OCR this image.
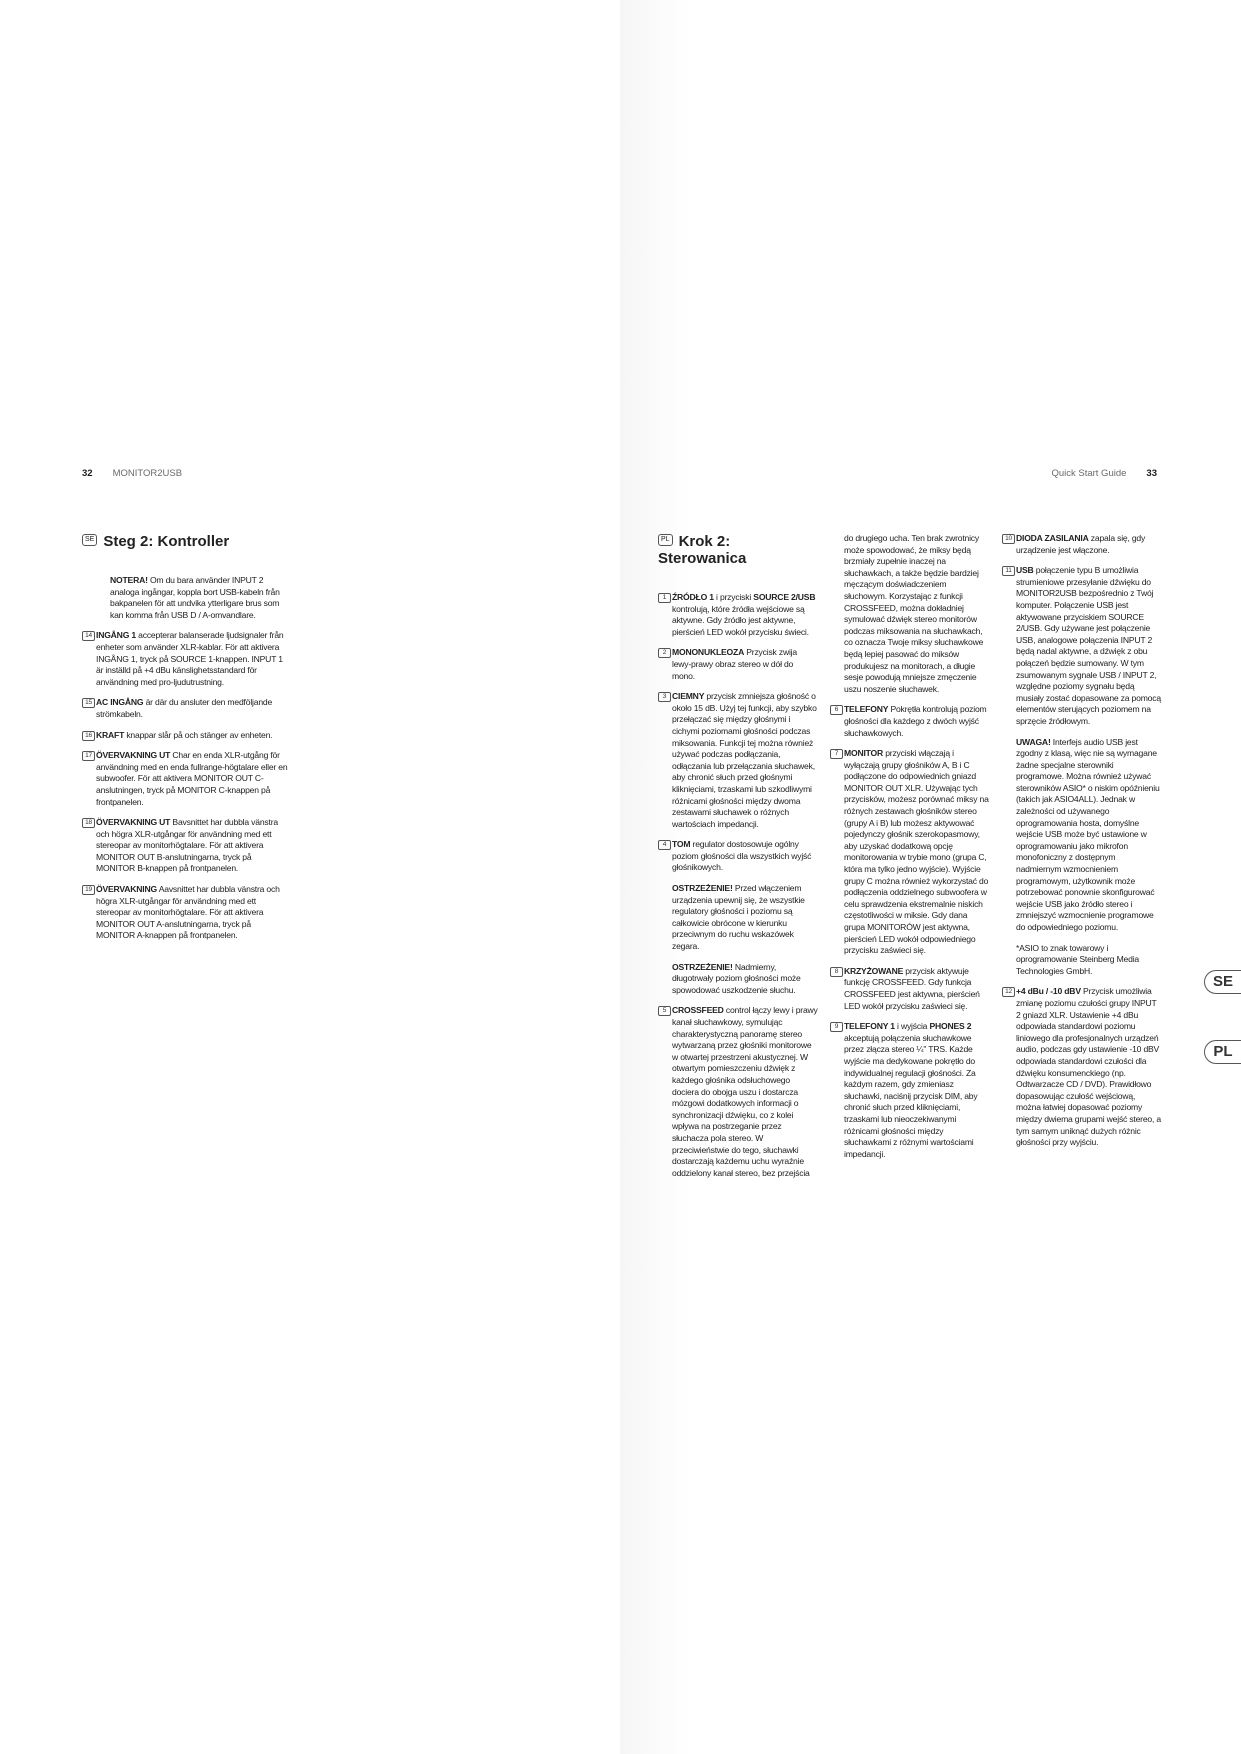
32 MONITOR2USB	Quick Start Guide 33
SE Steg 2: Kontroller
NOTERA! Om du bara använder INPUT 2 analoga ingångar, koppla bort USB-kabeln från bakpanelen för att undvika ytterligare brus som kan komma från USB D / A-omvandlare.
14 INGÅNG 1 accepterar balanserade ljudsignaler från enheter som använder XLR-kablar. För att aktivera INGÅNG 1, tryck på SOURCE 1-knappen. INPUT 1 är inställd på +4 dBu känslighetsstandard för användning med pro-ljudutrustning.
15 AC INGÅNG är där du ansluter den medföljande strömkabeln.
16 KRAFT knappar slår på och stänger av enheten.
17 ÖVERVAKNING UT Char en enda XLR-utgång för användning med en enda fullrange-högtalare eller en subwoofer. För att aktivera MONITOR OUT C-anslutningen, tryck på MONITOR C-knappen på frontpanelen.
18 ÖVERVAKNING UT Bavsnittet har dubbla vänstra och högra XLR-utgångar för användning med ett stereopar av monitorhögtalare. För att aktivera MONITOR OUT B-anslutningarna, tryck på MONITOR B-knappen på frontpanelen.
19 ÖVERVAKNING Aavsnittet har dubbla vänstra och högra XLR-utgångar för användning med ett stereopar av monitorhögtalare. För att aktivera MONITOR OUT A-anslutningarna, tryck på MONITOR A-knappen på frontpanelen.
PL Krok 2:
Sterowanica
1 ŹRÓDŁO 1 i przyciski SOURCE 2/USB kontrolują, które źródła wejściowe są aktywne. Gdy źródło jest aktywne, pierścień LED wokół przycisku świeci.
2 MONONUKLEOZA Przycisk zwija lewy-prawy obraz stereo w dół do mono.
3 CIEMNY przycisk zmniejsza głośność o około 15 dB. Użyj tej funkcji, aby szybko przełączać się między głośnymi i cichymi poziomami głośności podczas miksowania. Funkcji tej można również używać podczas podłączania, odłączania lub przełączania słuchawek, aby chronić słuch przed głośnymi kliknięciami, trzaskami lub szkodliwymi różnicami głośności między dwoma zestawami słuchawek o różnych wartościach impedancji.
4 TOM regulator dostosowuje ogólny poziom głośności dla wszystkich wyjść głośnikowych.
OSTRZEŻENIE! Przed włączeniem urządzenia upewnij się, że wszystkie regulatory głośności i poziomu są całkowicie obrócone w kierunku przeciwnym do ruchu wskazówek zegara.
OSTRZEŻENIE! Nadmierny, długotrwały poziom głośności może spowodować uszkodzenie słuchu.
5 CROSSFEED control łączy lewy i prawy kanał słuchawkowy, symulując charakterystyczną panoramę stereo wytwarzaną przez głośniki monitorowe w otwartej przestrzeni akustycznej. W otwartym pomieszczeniu dźwięk z każdego głośnika odsłuchowego dociera do obojga uszu i dostarcza mózgowi dodatkowych informacji o synchronizacji dźwięku, co z kolei wpływa na postrzeganie przez słuchacza pola stereo. W przeciwieństwie do tego, słuchawki dostarczają każdemu uchu wyraźnie oddzielony kanał stereo, bez przejścia
do drugiego ucha. Ten brak zwrotnicy może spowodować, że miksy będą brzmiały zupełnie inaczej na słuchawkach, a także będzie bardziej męczącym doświadczeniem słuchowym. Korzystając z funkcji CROSSFEED, można dokładniej symulować dźwięk stereo monitorów podczas miksowania na słuchawkach, co oznacza Twoje miksy słuchawkowe będą lepiej pasować do miksów produkujesz na monitorach, a długie sesje powodują mniejsze zmęczenie uszu noszenie słuchawek.
6 TELEFONY Pokrętła kontrolują poziom głośności dla każdego z dwóch wyjść słuchawkowych.
7 MONITOR przyciski włączają i wyłączają grupy głośników A, B i C podłączone do odpowiednich gniazd MONITOR OUT XLR. Używając tych przycisków, możesz porównać miksy na różnych zestawach głośników stereo (grupy A i B) lub możesz aktywować pojedynczy głośnik szerokopasmowy, aby uzyskać dodatkową opcję monitorowania w trybie mono (grupa C, która ma tylko jedno wyjście). Wyjście grupy C można również wykorzystać do podłączenia oddzielnego subwoofera w celu sprawdzenia ekstremalnie niskich częstotliwości w miksie. Gdy dana grupa MONITORÓW jest aktywna, pierścień LED wokół odpowiedniego przycisku zaświeci się.
8 KRZYŻOWANE przycisk aktywuje funkcję CROSSFEED. Gdy funkcja CROSSFEED jest aktywna, pierścień LED wokół przycisku zaświeci się.
9 TELEFONY 1 i wyjścia PHONES 2 akceptują połączenia słuchawkowe przez złącza stereo ¼" TRS. Każde wyjście ma dedykowane pokrętło do indywidualnej regulacji głośności. Za każdym razem, gdy zmieniasz słuchawki, naciśnij przycisk DIM, aby chronić słuch przed kliknięciami, trzaskami lub nieoczekiwanymi różnicami głośności między słuchawkami z różnymi wartościami impedancji.
10 DIODA ZASILANIA zapala się, gdy urządzenie jest włączone.
11 USB połączenie typu B umożliwia strumieniowe przesyłanie dźwięku do MONITOR2USB bezpośrednio z Twój komputer. Połączenie USB jest aktywowane przyciskiem SOURCE 2/USB. Gdy używane jest połączenie USB, analogowe połączenia INPUT 2 będą nadal aktywne, a dźwięk z obu połączeń będzie sumowany. W tym zsumowanym sygnale USB / INPUT 2, względne poziomy sygnału będą musiały zostać dopasowane za pomocą elementów sterujących poziomem na sprzęcie źródłowym.
UWAGA! Interfejs audio USB jest zgodny z klasą, więc nie są wymagane żadne specjalne sterowniki programowe. Można również używać sterowników ASIO* o niskim opóźnieniu (takich jak ASIO4ALL). Jednak w zależności od używanego oprogramowania hosta, domyślne wejście USB może być ustawione w oprogramowaniu jako mikrofon monofoniczny z dostępnym nadmiernym wzmocnieniem programowym, użytkownik może potrzebować ponownie skonfigurować wejście USB jako źródło stereo i zmniejszyć wzmocnienie programowe do odpowiedniego poziomu.
*ASIO to znak towarowy i oprogramowanie Steinberg Media Technologies GmbH.
12 +4 dBu / -10 dBV Przycisk umożliwia zmianę poziomu czułości grupy INPUT 2 gniazd XLR. Ustawienie +4 dBu odpowiada standardowi poziomu liniowego dla profesjonalnych urządzeń audio, podczas gdy ustawienie -10 dBV odpowiada standardowi czułości dla dźwięku konsumenckiego (np. Odtwarzacze CD / DVD). Prawidłowo dopasowując czułość wejściową, można łatwiej dopasować poziomy między dwiema grupami wejść stereo, a tym samym uniknąć dużych różnic głośności przy wyjściu.
SE
PL
